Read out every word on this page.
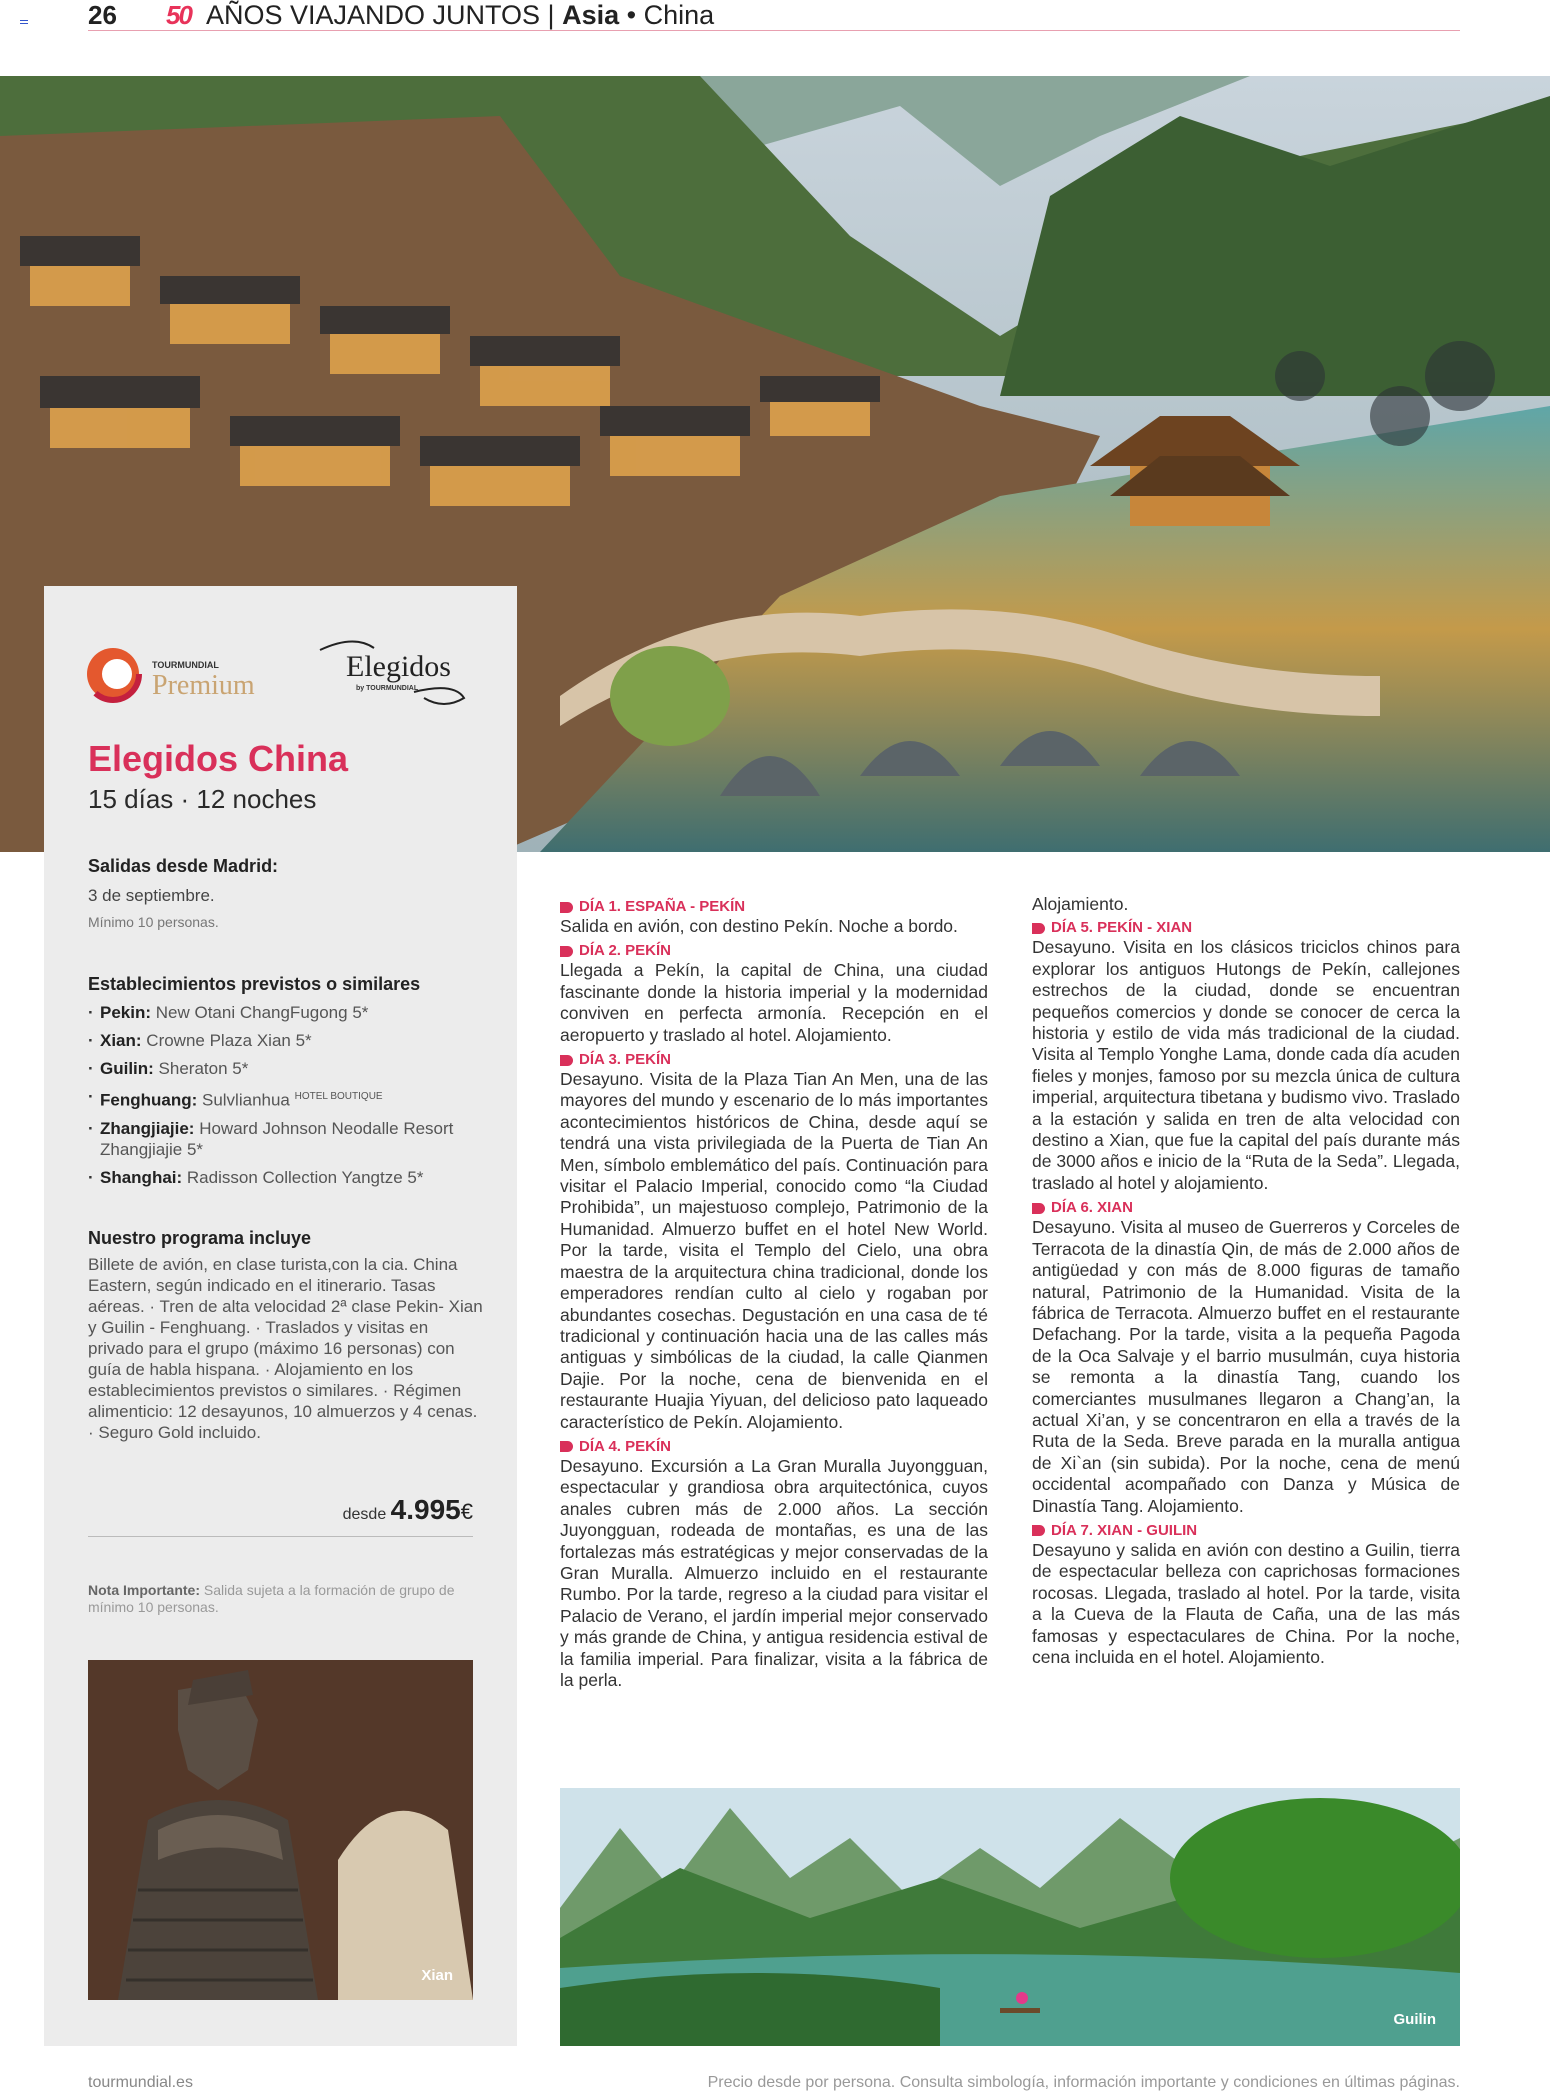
26 50 AÑOS VIAJANDO JUNTOS | Asia • China
TOURMUNDIAL
Premium
Elegidos
by TOURMUNDIAL
Elegidos China
15 días · 12 noches
Salidas desde Madrid:
3 de septiembre.
Mínimo 10 personas.
Establecimientos previstos o similares
· Pekin: New Otani ChangFugong 5*
· Xian: Crowne Plaza Xian 5*
· Guilin: Sheraton 5*
· Fenghuang: Sulvlianhua $^{HOTEL BOUTIQUE}$
· Zhangjiajie: Howard Johnson Neodalle Resort Zhangjiajie 5*
· Shanghai: Radisson Collection Yangtze 5*
Nuestro programa incluye

Billete de avión, en clase turista,con la cia. China Eastern, según indicado en el itinerario. Tasas aéreas. · Tren de alta velocidad 2ª clase Pekin- Xian y Guilin - Fenghuang. · Traslados y visitas en privado para el grupo (máximo 16 personas) con guía de habla hispana. · Alojamiento en los establecimientos previstos o similares. · Régimen alimenticio: 12 desayunos, 10 almuerzos y 4 cenas. · Seguro Gold incluido.

desde 4.995€

Nota Importante: Salida sujeta a la formación de grupo de mínimo 10 personas.

Xian
DÍA 1. ESPAÑA - PEKÍN

Salida en avión, con destino Pekín. Noche a bordo.

DÍA 2. PEKÍN

Llegada a Pekín, la capital de China, una ciudad fascinante donde la historia imperial y la modernidad conviven en perfecta armonía. Recepción en el aeropuerto y traslado al hotel. Alojamiento.

DÍA 3. PEKÍN

Desayuno. Visita de la Plaza Tian An Men, una de las mayores del mundo y escenario de lo más importantes acontecimientos históricos de China, desde aquí se tendrá una vista privilegiada de la Puerta de Tian An Men, símbolo emblemático del país. Continuación para visitar el Palacio Imperial, conocido como “la Ciudad Prohibida”, un majestuoso complejo, Patrimonio de la Humanidad. Almuerzo buffet en el hotel New World. Por la tarde, visita el Templo del Cielo, una obra maestra de la arquitectura china tradicional, donde los emperadores rendían culto al cielo y rogaban por abundantes cosechas. Degustación en una casa de té tradicional y continuación hacia una de las calles más antiguas y simbólicas de la ciudad, la calle Qianmen Dajie. Por la noche, cena de bienvenida en el restaurante Huajia Yiyuan, del delicioso pato laqueado característico de Pekín. Alojamiento.

DÍA 4. PEKÍN

Desayuno. Excursión a La Gran Muralla Juyongguan, espectacular y grandiosa obra arquitectónica, cuyos anales cubren más de 2.000 años. La sección Juyongguan, rodeada de montañas, es una de las fortalezas más estratégicas y mejor conservadas de la Gran Muralla. Almuerzo incluido en el restaurante Rumbo. Por la tarde, regreso a la ciudad para visitar el Palacio de Verano, el jardín imperial mejor conservado y más grande de China, y antigua residencia estival de la familia imperial. Para finalizar, visita a la fábrica de la perla.

Alojamiento.

DÍA 5. PEKÍN - XIAN

Desayuno. Visita en los clásicos triciclos chinos para explorar los antiguos Hutongs de Pekín, callejones estrechos de la ciudad, donde se encuentran pequeños comercios y donde se conocer de cerca la historia y estilo de vida más tradicional de la ciudad. Visita al Templo Yonghe Lama, donde cada día acuden fieles y monjes, famoso por su mezcla única de cultura imperial, arquitectura tibetana y budismo vivo. Traslado a la estación y salida en tren de alta velocidad con destino a Xian, que fue la capital del país durante más de 3000 años e inicio de la “Ruta de la Seda”. Llegada, traslado al hotel y alojamiento.

DÍA 6. XIAN

Desayuno. Visita al museo de Guerreros y Corceles de Terracota de la dinastía Qin, de más de 2.000 años de antigüedad y con más de 8.000 figuras de tamaño natural, Patrimonio de la Humanidad. Visita de la fábrica de Terracota. Almuerzo buffet en el restaurante Defachang. Por la tarde, visita a la pequeña Pagoda de la Oca Salvaje y el barrio musulmán, cuya historia se remonta a la dinastía Tang, cuando los comerciantes musulmanes llegaron a Chang’an, la actual Xi’an, y se concentraron en ella a través de la Ruta de la Seda. Breve parada en la muralla antigua de Xi`an (sin subida). Por la noche, cena de menú occidental acompañado con Danza y Música de Dinastía Tang. Alojamiento.

DÍA 7. XIAN - GUILIN

Desayuno y salida en avión con destino a Guilin, tierra de espectacular belleza con caprichosas formaciones rocosas. Llegada, traslado al hotel. Por la tarde, visita a la Cueva de la Flauta de Caña, una de las más famosas y espectaculares de China. Por la noche, cena incluida en el hotel. Alojamiento.

Guilin
tourmundial.es	Precio desde por persona. Consulta simbología, información importante y condiciones en últimas páginas.
